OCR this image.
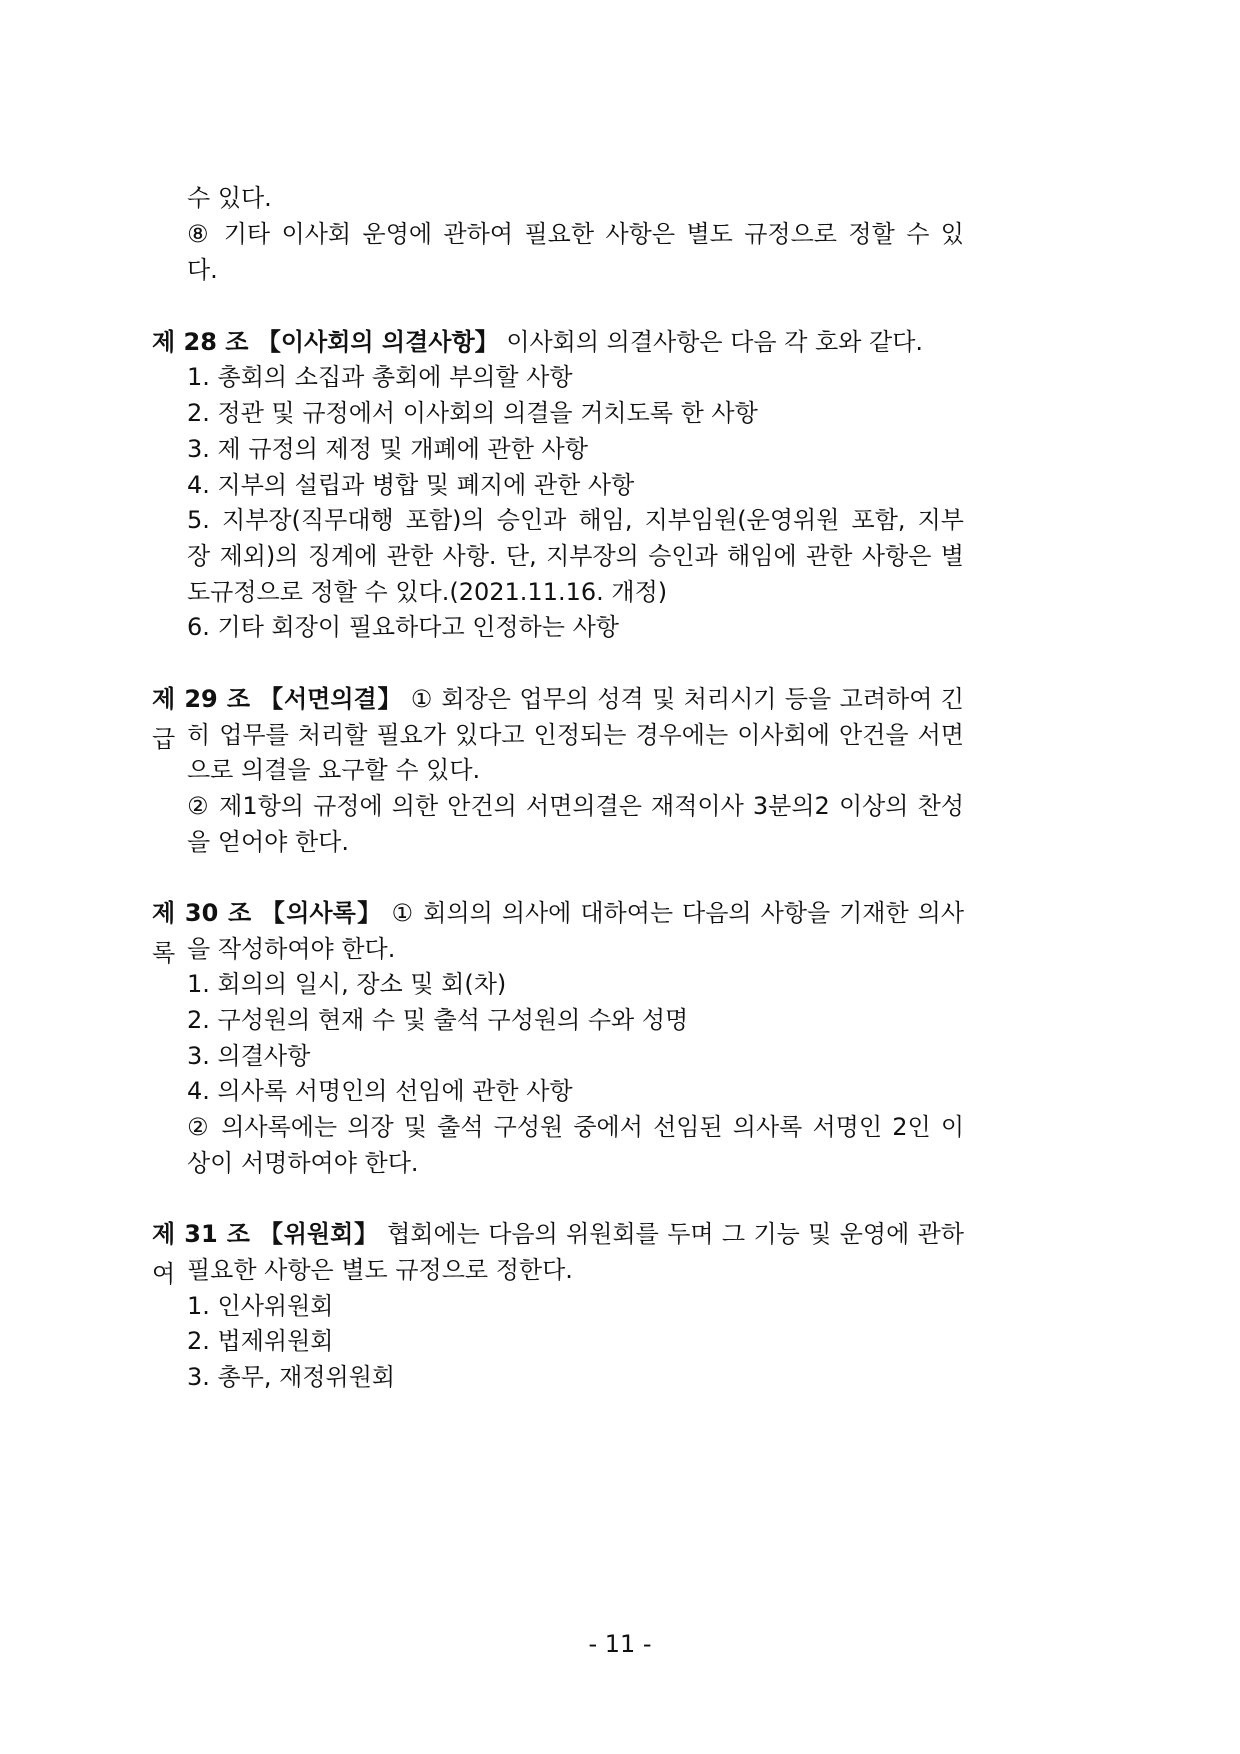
수 있다.
⑧ 기타 이사회 운영에 관하여 필요한 사항은 별도 규정으로 정할 수 있
다.
제 28 조 【이사회의 의결사항】 이사회의 의결사항은 다음 각 호와 같다.
1. 총회의 소집과 총회에 부의할 사항
2. 정관 및 규정에서 이사회의 의결을 거치도록 한 사항
3. 제 규정의 제정 및 개폐에 관한 사항
4. 지부의 설립과 병합 및 폐지에 관한 사항
5. 지부장(직무대행 포함)의 승인과 해임, 지부임원(운영위원 포함, 지부
장 제외)의 징계에 관한 사항. 단, 지부장의 승인과 해임에 관한 사항은 별
도규정으로 정할 수 있다.(2021.11.16. 개정)
6. 기타 회장이 필요하다고 인정하는 사항
제 29 조 【서면의결】 ① 회장은 업무의 성격 및 처리시기 등을 고려하여 긴급 히 업무를 처리할 필요가 있다고 인정되는 경우에는 이사회에 안건을 서면
으로 의결을 요구할 수 있다.
② 제1항의 규정에 의한 안건의 서면의결은 재적이사 3분의2 이상의 찬성
을 얻어야 한다.
제 30 조 【의사록】 ① 회의의 의사에 대하여는 다음의 사항을 기재한 의사록 을 작성하여야 한다.
1. 회의의 일시, 장소 및 회(차)
2. 구성원의 현재 수 및 출석 구성원의 수와 성명
3. 의결사항
4. 의사록 서명인의 선임에 관한 사항
② 의사록에는 의장 및 출석 구성원 중에서 선임된 의사록 서명인 2인 이
상이 서명하여야 한다.
제 31 조 【위원회】 협회에는 다음의 위원회를 두며 그 기능 및 운영에 관하여 필요한 사항은 별도 규정으로 정한다.
1. 인사위원회
2. 법제위원회
3. 총무, 재정위원회
- 11 -
